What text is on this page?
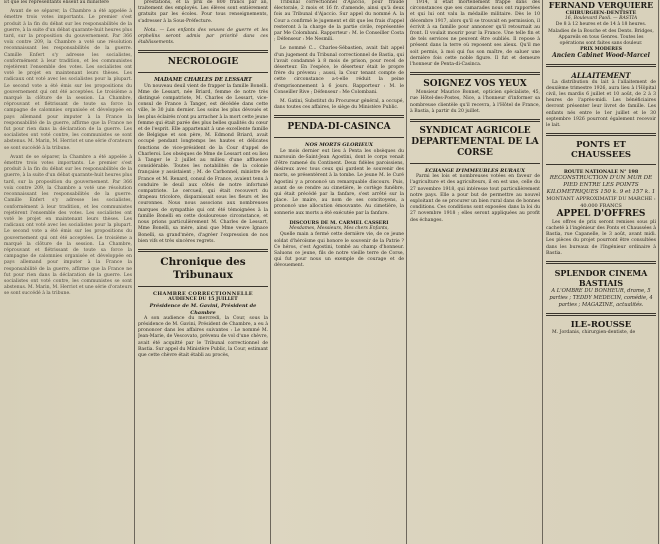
Et que les représentants élisent au ministère

Avant de se séparer, la Chambre a été appelée à émettre trois votes importants. Le premier s'est produit à la fin du débat sur les responsabilités de la guerre, à la suite d'un débat quarante-huit heures plus tard, sur la proposition du gouvernement. Par 366 voix contre 209, la Chambre a voté une résolution reconnaissant les responsabilités de la guerre. Camille Enfert s'y adresse les socialistes, conformément à leur tradition, et les communistes rejetèrent l'ensemble des votes. Les socialistes ont voté le projet en maintenant leurs thèses. Les radicaux ont voté avec les socialistes pour la plupart. Le second vote a été émis sur les propositions du gouvernement qui ont été acceptées. Le troisième a marqué la clôture de la session. La Chambre, réprouvant et flétrissant de toute sa force la campagne de calomnies organisée et développée en pays allemand pour imputer à la France la responsabilité de la guerre, affirme que la France ne fut pour rien dans la déclaration de la guerre. Les socialistes ont voté contre, les communistes se sont abstenus. M. Marin, M. Herriot et une série d'orateurs se sont succédé à la tribune.

Avant de se séparer, la Chambre a été appelée à émettre trois votes importants. Le premier s'est produit à la fin du débat sur les responsabilités de la guerre, à la suite d'un débat quarante-huit heures plus tard, sur la proposition du gouvernement. Par 366 voix contre 209, la Chambre a voté une résolution reconnaissant les responsabilités de la guerre. Camille Enfert s'y adresse les socialistes, conformément à leur tradition, et les communistes rejetèrent l'ensemble des votes. Les socialistes ont voté le projet en maintenant leurs thèses. Les radicaux ont voté avec les socialistes pour la plupart. Le second vote a été émis sur les propositions du gouvernement qui ont été acceptées. Le troisième a marqué la clôture de la session. La Chambre, réprouvant et flétrissant de toute sa force la campagne de calomnies organisée et développée en pays allemand pour imputer à la France la responsabilité de la guerre, affirme que la France ne fut pour rien dans la déclaration de la guerre. Les socialistes ont voté contre, les communistes se sont abstenus. M. Marin, M. Herriot et une série d'orateurs se sont succédé à la tribune.

prestations, et la prix de 800 francs par an, traitement des employés. Les élèves sont entièrement gratuits par les écoles. Pour tous renseignements, s'adresser à la Sous-Préfecture.

Nota. — Les enfants des veuves de guerre et les orphelins seront admis par priorité dans ces établissements.

NECROLOGIE
MADAME CHARLES DE LESSART

Un nouveau deuil vient de frapper la famille Bonelli. Mme de Lessart, née Briard, femme de notre très distingué compatriote, M. Charles de Lessart, vice-consul de France à Tanger, est décédée dans cette ville, le 30 juin dernier. Les soins les plus dévoués et les plus éclairés n'ont pu arracher à la mort cette jeune femme qui était parée des plus belles qualités du cœur et de l'esprit. Elle appartenait à une excellente famille de Belgique et son père, M. Edmond Briard, avait occupé pendant longtemps les hautes et délicates fonctions de vice-président de la Cour d'appel de Charleroi. Les obsèques de Mme de Lessart ont eu lieu à Tanger le 2 juillet au milieu d'une affluence considérable. Toutes les notabilités de la colonie française y assistaient ; M. de Carbonnel, ministre de France et M. Renard, consul de France, avaient tenu à conduire le deuil aux côtés de notre infortuné compatriote. Le cercueil, qui était recouvert du drapeau tricolore, disparaissait sous les fleurs et les couronnes. Nous nous associons aux nombreuses marques de sympathie qui ont été témoignées à la famille Bonelli en cette douloureuse circonstance, et nous prions particulièrement M. Charles de Lessart, Mme Bonelli, sa mère, ainsi que Mme veuve Ignace Bonelli, sa grand'mère, d'agréer l'expression de nos bien vifs et très sincères regrets.

Chronique des Tribunaux
CHAMBRE CORRECTIONNELLE
AUDIENCE DU 15 JUILLET
Présidence de M. Gavini, Président de Chambre

A son audience du mercredi, la Cour, sous la présidence de M. Gavini, Président de Chambre, a eu à prononcer dans les affaires suivantes : Le nommé M. Jean-Marie, de Vescovato, prévenu de vol d'une chèvre, avait été acquitté par le Tribunal correctionnel de Bastia. Sur appel du Ministère Public, la Cour, estimant que cette chèvre était établi au procès,

Tribunal correctionnel d'Ajaccio, pour fraude électorale, 2 mois et 16 fr. d'amende, ainsi qu'à deux fois au Tribunal d'Ajaccio. Sur appel du nommé A. la Cour a confirmé le jugement et dit que les frais d'appel resteront à la charge de la partie civile, représentée par Me Colombani. Rapporteur : M. le Conseiller Costa ; Défenseur : Me Nesmili.

Le nommé C... Charles-Sébastien, avait fait appel d'un jugement du Tribunal correctionnel de Bastia, qui l'avait condamné à 8 mois de prison, pour recel de déserteur. En l'espèce, le déserteur était le propre frère du prévenu ; aussi, la Cour tenant compte de cette circonstance a-t-elle réduit la peine d'emprisonnement à 6 jours. Rapporteur : M. le Conseiller Rive ; Défenseur : Me Colombani.

M. Gatini, Substitut du Procureur général, a occupé, dans toutes ces affaires, le siège du Ministère Public.

PENDA-DI-CASINCA
NOS MORTS GLORIEUX

Le mois dernier eut lieu à Penta les obsèques du marsouin de-Saint-Jean Agostini, dont le corps venait d'être ramené du Continent. Deux fidèles paroissiens, désireux avec tous ceux qui gardent le souvenir des morts, se présentèrent à la tombe. Le jeune M. le Curé Agostini y a prononcé un remarquable discours. Puis, avant de se rendre au cimetière, le cortège funèbre, qui était précédé par la fanfare, s'est arrêté sur la place. Le maire, au nom de ses concitoyens, a prononcé une allocution émouvante. Au cimetière, la sonnerie aux morts a été exécutée par la fanfare.

DISCOURS DE M. CARMEL CASSERI
Mesdames, Messieurs, Mes chers Enfants,

Quelle main a fermé cette dernière vie, de ce jeune soldat d'héroïsme qui honore le souvenir de la Patrie ? Ce héros, c'est Agostini, tombé au champ d'honneur. Saluons ce jeune, fils de notre vieille terre de Corse, qui fut pour nous un exemple de courage et de dévouement.

1914, il était mortellement frappé dans des circonstances que ses camarades nous ont rapportées et qui lui ont valu la médaille militaire. Dès le 10 décembre 1917, alors qu'il se trouvait en permission, il écrivit à sa famille pour annoncer qu'il retournait au front. Il voulait mourir pour la France. Une telle fin et de tels services ne peuvent être oubliés. Il repose à présent dans la terre où reposent ses aïeux. Qu'il me soit permis, à moi qui fus son maître, de saluer une dernière fois cette noble figure. Il fut et demeure l'honneur de Penta-di-Casinca.

SOIGNEZ VOS YEUX

Monsieur Maurice Bonnet, opticien spécialiste, 45, rue Hôtel-des-Postes, Nice, a l'honneur d'informer sa nombreuse clientèle qu'il recevra, à l'Hôtel de France, à Bastia, à partir du 20 juillet.

SYNDICAT AGRICOLE DEPARTEMENTAL DE LA CORSE
ECHANGE D'IMMEUBLES RURAUX

Parmi les lois et nombreuses votées en faveur de l'agriculture et des agriculteurs, il en est une, celle du 27 novembre 1918, qui intéresse tout particulièrement notre pays. Elle a pour but de permettre au nouvel exploitant de se procurer un bien rural dans de bonnes conditions. Ces conditions sont exposées dans la loi du 27 novembre 1918 ; elles seront appliquées au profit des échanges.

FERNAND VERQUIERE
CHIRURGIEN-DENTISTE
16, Boulevard Paoli. — BASTIA
De 8 à 12 heures et de 14 à 18 heures.
Maladies de la Bouche et des Dents. Bridges, Appareils en tous Genres. Toutes les opérations sont faites sans douleur.
PRIX MODERES
Ancien Cabinet Wood-Marcel
ALLAITEMENT

La distribution du lait à l'allaitement de deuxième trimestre 1926, aura lieu à l'Hôpital civil, les mardis 6 juillet et 10 août, de 2 à 3 heures de l'après-midi. Les bénéficiaires devront présenter leur livret de famille. Les enfants nés entre le 1er juillet et le 30 septembre 1926 pourront également recevoir le lait.

PONTS ET CHAUSSEES
ROUTE NATIONALE N° 198
RECONSTRUCTION D'UN MUR DE PIED ENTRE LES POINTS KILOMETRIQUES 150 k. 9 et 157 k. 1
MONTANT APPROXIMATIF DU MARCHE : 40.000 FRANCS
APPEL D'OFFRES

Les offres de prix seront remises sous pli cacheté à l'ingénieur des Ponts et Chaussées à Bastia, rue Capanelle, le 3 août, avant midi. Les pièces du projet pourront être consultées dans les bureaux de l'Ingénieur ordinaire à Bastia.

SPLENDOR CINEMA BASTIAIS
A L'OMBRE DU BONHEUR, drame, 5 parties ; TEDDY MEDECIN, comédie, 4 parties ; MAGAZINE, actualités.
ILE-ROUSSE

M. Jordanis, chirurgien-dentiste, de
